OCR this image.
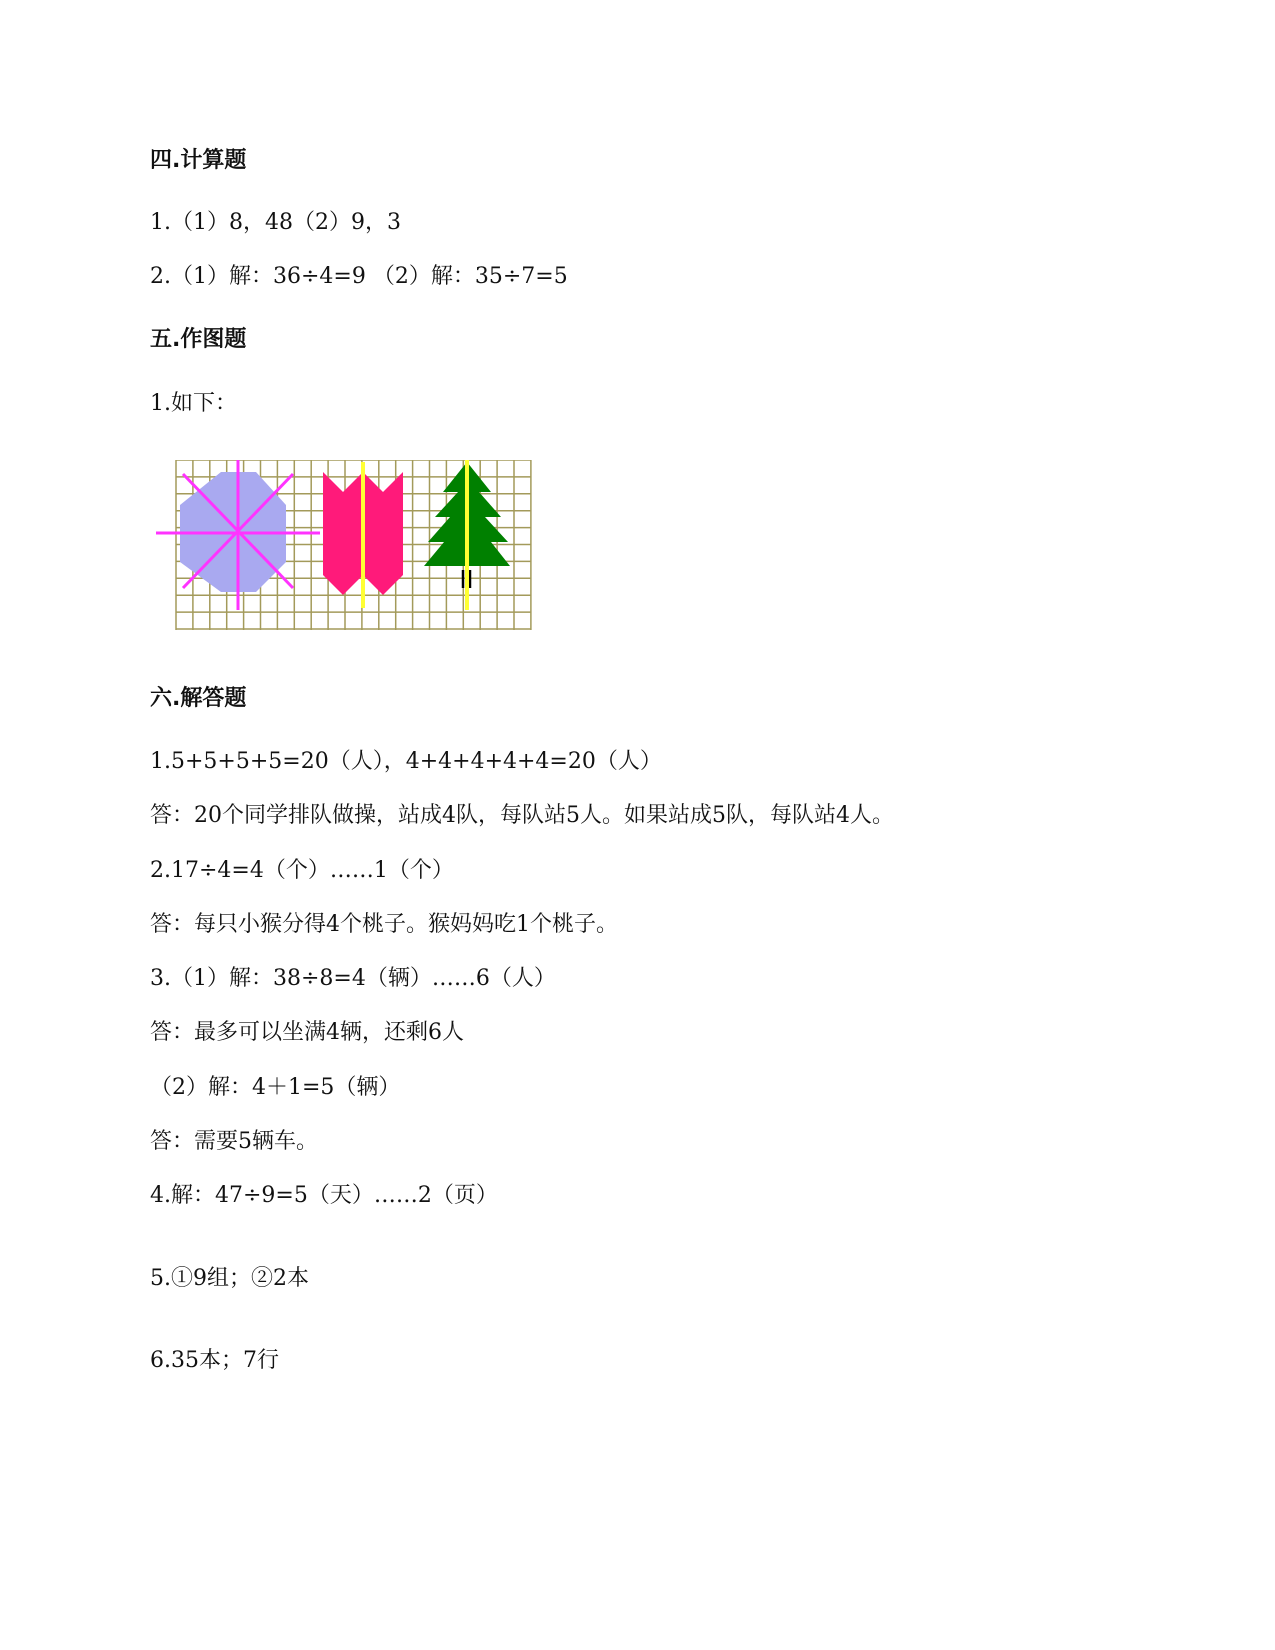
四.计算题
1.（1）8，48（2）9，3
2.（1）解：36÷4=9 （2）解：35÷7=5
五.作图题
1.如下：
六.解答题
1.5+5+5+5=20（人），4+4+4+4+4=20（人）
答：20个同学排队做操，站成4队，每队站5人。如果站成5队，每队站4人。
2.17÷4=4（个）……1（个）
答：每只小猴分得4个桃子。猴妈妈吃1个桃子。
3.（1）解：38÷8=4（辆）……6（人）
答：最多可以坐满4辆，还剩6人
（2）解：4＋1=5（辆）
答：需要5辆车。
4.解：47÷9=5（天）……2（页）
5.①9组；②2本
6.35本；7行
